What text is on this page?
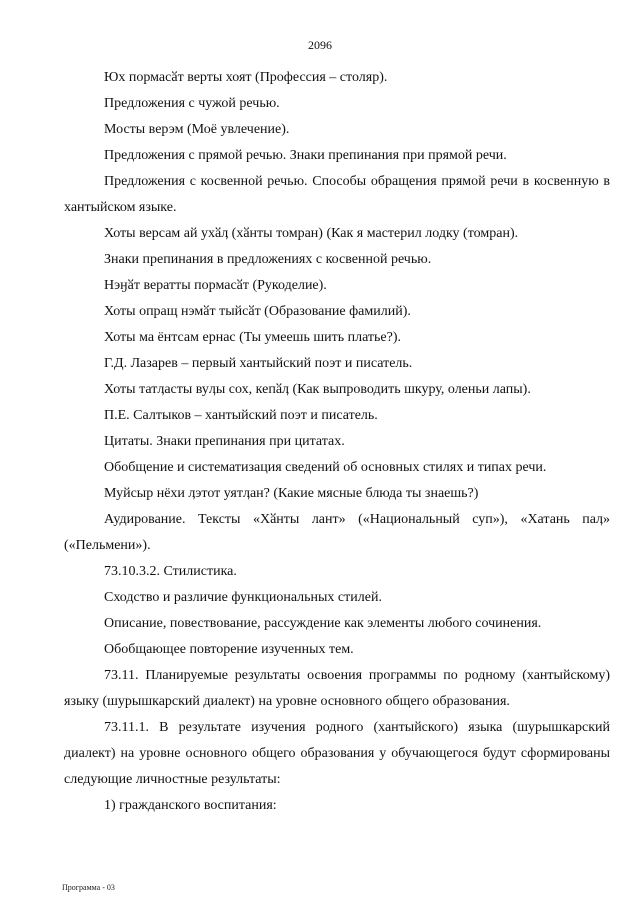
2096

Юх пормасӑт верты хоят (Профессия – столяр).

Предложения с чужой речью.

Мосты верэм (Моё увлечение).

Предложения с прямой речью. Знаки препинания при прямой речи.

Предложения с косвенной речью. Способы обращения прямой речи в косвенную в хантыйском языке.

Хоты версам ай ухӑӆ (хӑнты томран) (Как я мастерил лодку (томран).

Знаки препинания в предложениях с косвенной речью.

Нэӈӑт вератты пормасӑт (Рукоделие).

Хоты опращ нэмӑт тыйсӑт (Образование фамилий).

Хоты ма ёнтсам ернас (Ты умеешь шить платье?).

Г.Д. Лазарев – первый хантыйский поэт и писатель.

Хоты татӆасты вуӆы сох, кепӑӆ (Как выпроводить шкуру, оленьи лапы).

П.Е. Салтыков – хантыйский поэт и писатель.

Цитаты. Знаки препинания при цитатах.

Обобщение и систематизация сведений об основных стилях и типах речи.

Муйсыр нёхи ӆэтот уятӆан? (Какие мясные блюда ты знаешь?)

Аудирование. Тексты «Хӑнты лант» («Национальный суп»), «Хатань паӆ» («Пельмени»).

73.10.3.2. Стилистика.

Сходство и различие функциональных стилей.

Описание, повествование, рассуждение как элементы любого сочинения.

Обобщающее повторение изученных тем.

73.11. Планируемые результаты освоения программы по родному (хантыйскому) языку (шурышкарский диалект) на уровне основного общего образования.

73.11.1. В результате изучения родного (хантыйского) языка (шурышкарский диалект) на уровне основного общего образования у обучающегося будут сформированы следующие личностные результаты:

1) гражданского воспитания:

Программа - 03
